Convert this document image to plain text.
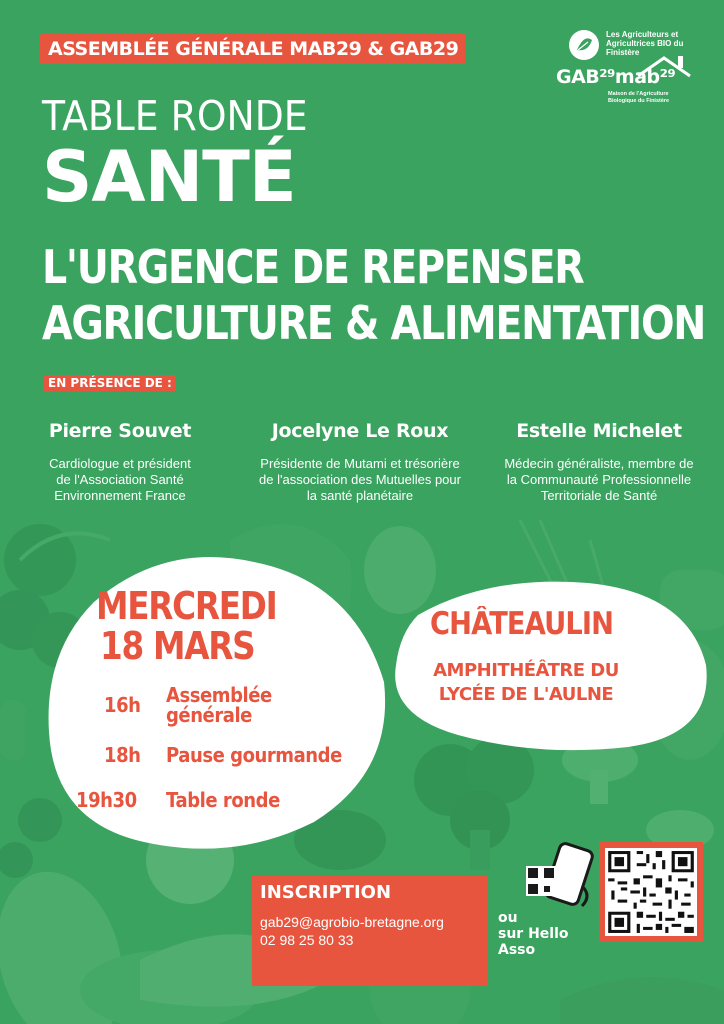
ASSEMBLÉE GÉNÉRALE MAB29 & GAB29
Les Agriculteurs et Agricultrices BIO du Finistère
GAB²⁹mab²⁹
Maison de l'Agriculture Biologique du Finistère
TABLE RONDE
SANTÉ
L'URGENCE DE REPENSER
AGRICULTURE & ALIMENTATION
EN PRÉSENCE DE :
Pierre Souvet
Cardiologue et président
de l'Association Santé
Environnement France
Jocelyne Le Roux
Présidente de Mutami et trésorière
de l'association des Mutuelles pour
la santé planétaire
Estelle Michelet
Médecin généraliste, membre de
la Communauté Professionnelle
Territoriale de Santé
MERCREDI
18 MARS
16h Assemblée
générale
18h Pause gourmande
19h30 Table ronde
CHÂTEAULIN
AMPHITHÉÂTRE DU
LYCÉE DE L'AULNE
INSCRIPTION
gab29@agrobio-bretagne.org
02 98 25 80 33
ou
sur Hello
Asso
